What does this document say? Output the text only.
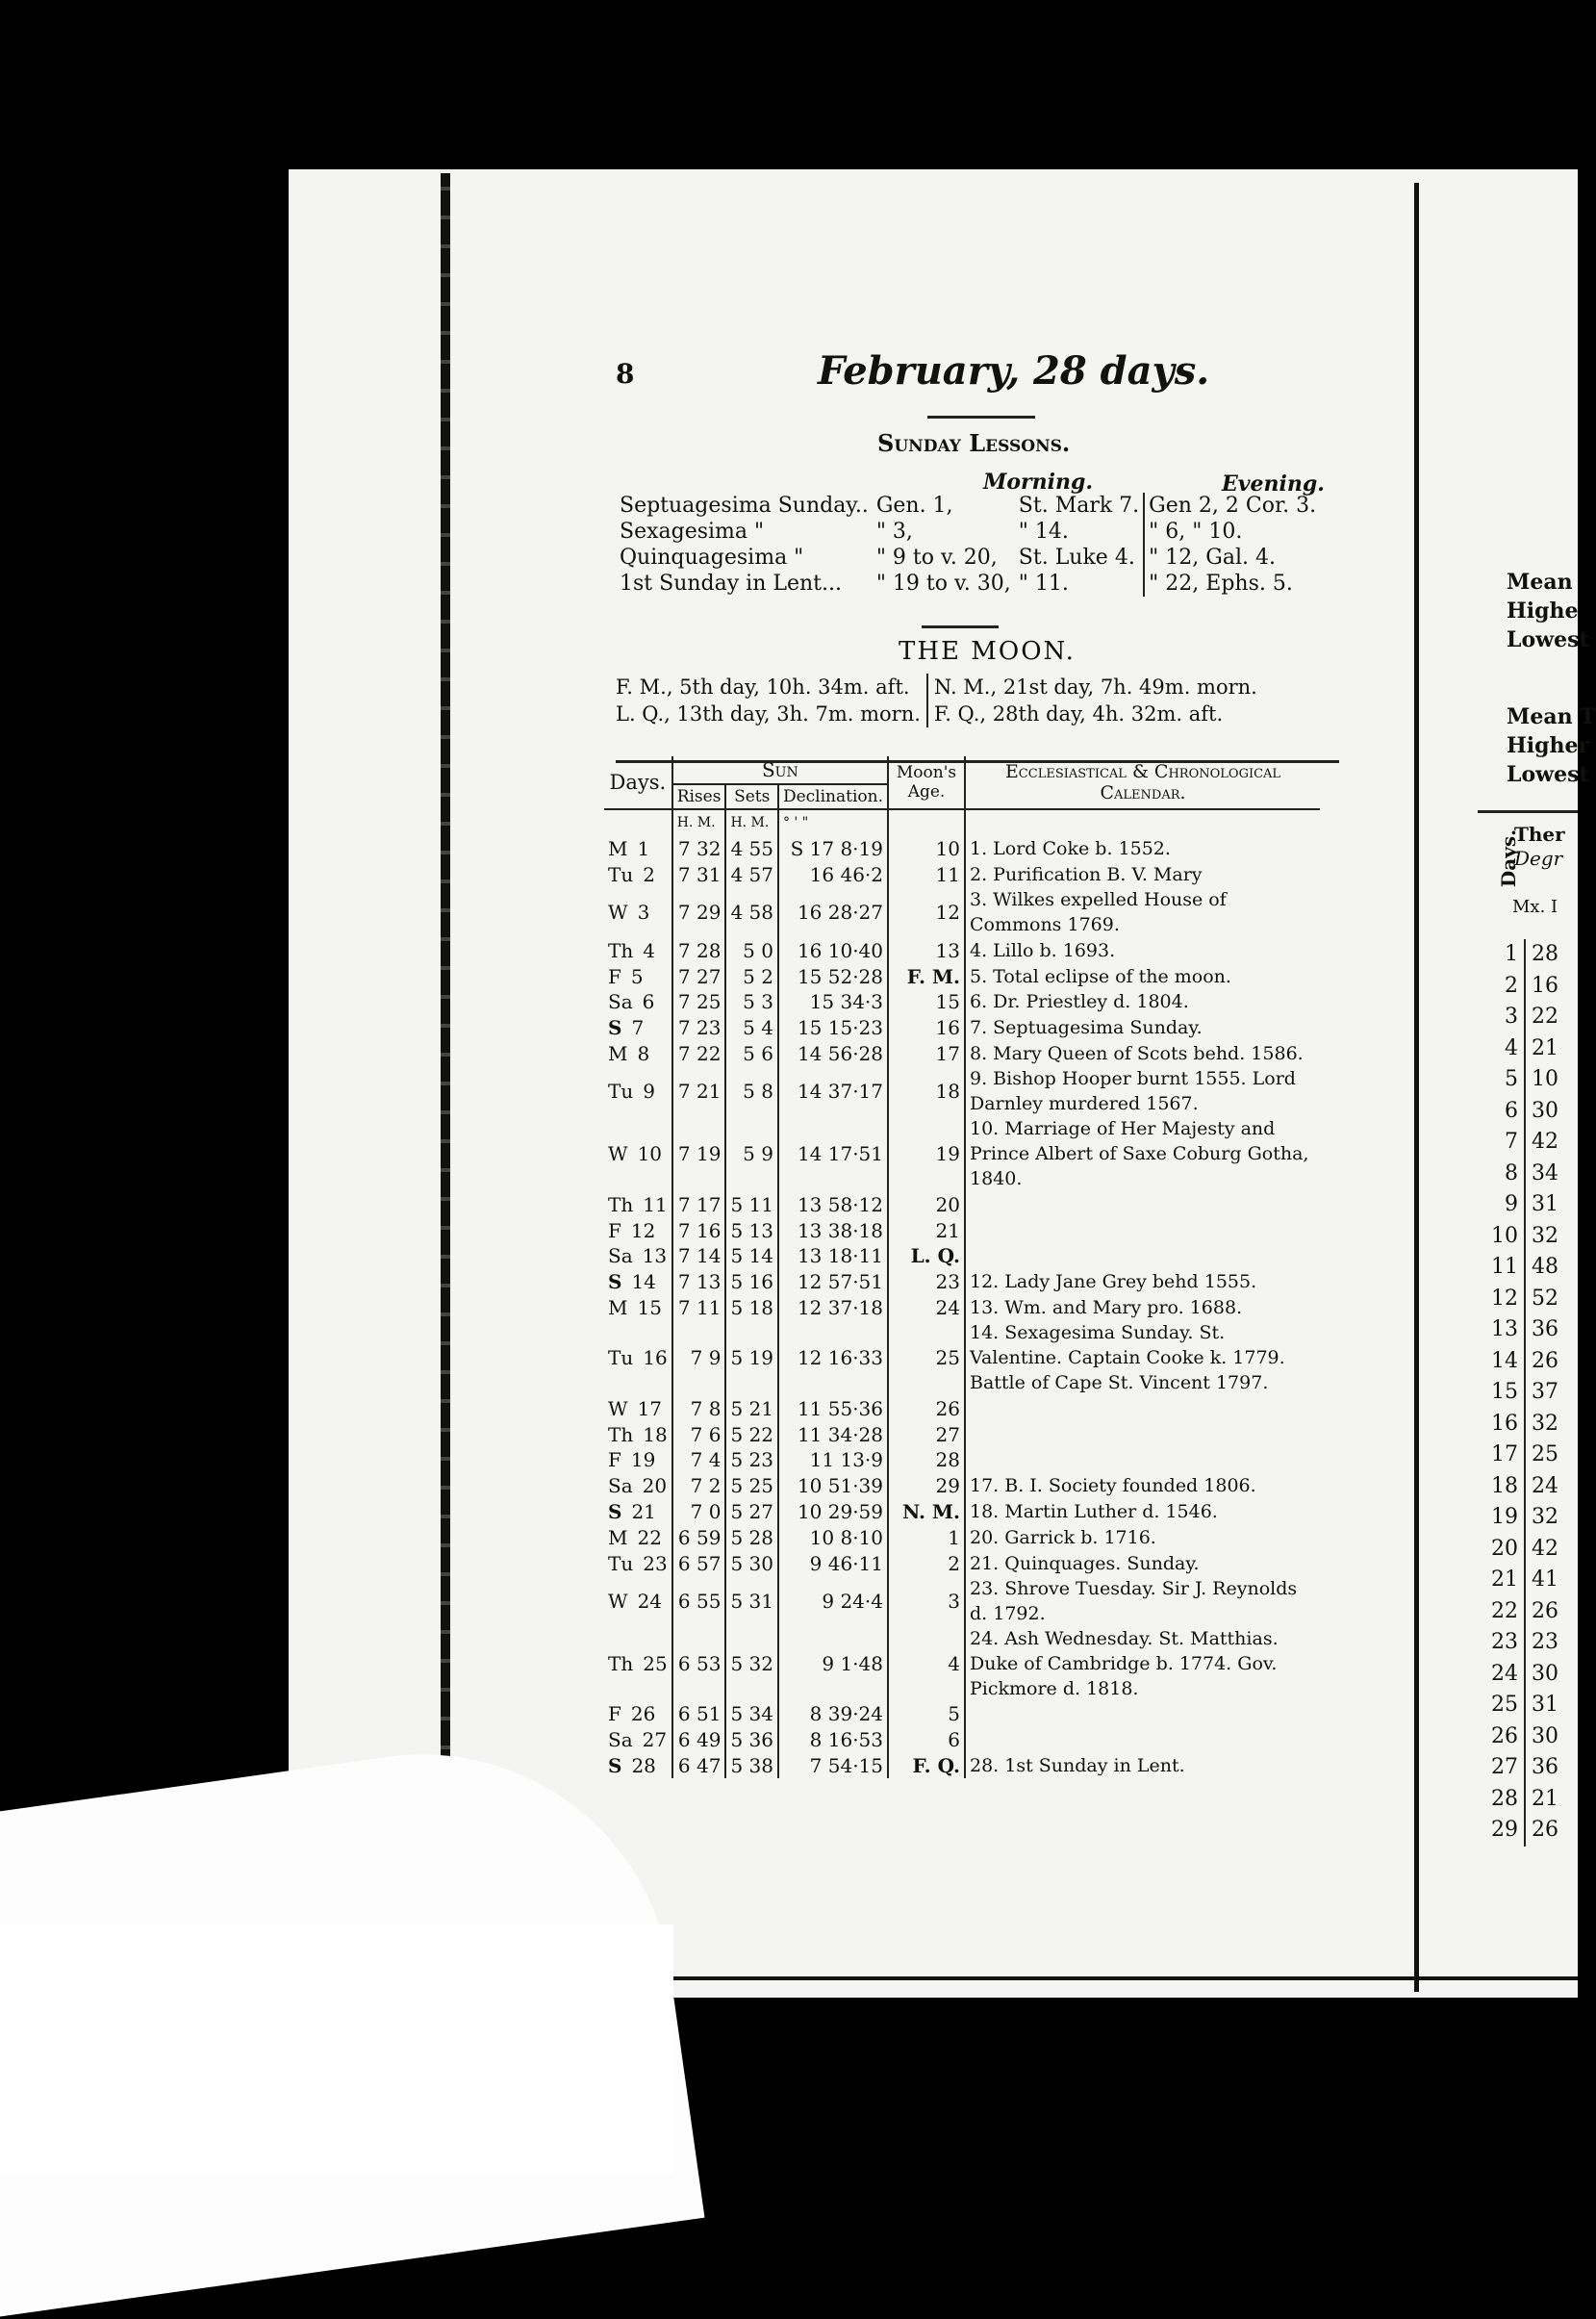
8	February, 28 days.
Sunday Lessons.
Morning.	Evening.
Septuagesima Sunday..	Gen. 1,	St. Mark 7.	Gen 2, 2 Cor. 3.
Sexagesima "	" 3,	" 14.	" 6, " 10.
Quinquagesima "	" 9 to v. 20,	St. Luke 4.	" 12, Gal. 4.
1st Sunday in Lent...	" 19 to v. 30,	" 11.	" 22, Ephs. 5.
THE MOON.
F. M., 5th day, 10h. 34m. aft.	N. M., 21st day, 7h. 49m. morn.
L. Q., 13th day, 3h. 7m. morn.	F. Q., 28th day, 4h. 32m. aft.
Days.	Sun			Moon's Age.	Ecclesiastical & Chronological Calendar.
	Rises	Sets	Declination.		
	H. M.	H. M.	° ' "		
M 1	7 32	4 55	S 17 8·19	10	1. Lord Coke b. 1552.
Tu 2	7 31	4 57	16 46·2	11	2. Purification B. V. Mary
W 3	7 29	4 58	16 28·27	12	3. Wilkes expelled House of Commons 1769.
Th 4	7 28	5 0	16 10·40	13	4. Lillo b. 1693.
F 5	7 27	5 2	15 52·28	F. M.	5. Total eclipse of the moon.
Sa 6	7 25	5 3	15 34·3	15	6. Dr. Priestley d. 1804.
S 7	7 23	5 4	15 15·23	16	7. Septuagesima Sunday.
M 8	7 22	5 6	14 56·28	17	8. Mary Queen of Scots behd. 1586.
Tu 9	7 21	5 8	14 37·17	18	9. Bishop Hooper burnt 1555. Lord Darnley murdered 1567.
W 10	7 19	5 9	14 17·51	19	10. Marriage of Her Majesty and Prince Albert of Saxe Coburg Gotha, 1840.
Th 11	7 17	5 11	13 58·12	20	
F 12	7 16	5 13	13 38·18	21	
Sa 13	7 14	5 14	13 18·11	L. Q.	
S 14	7 13	5 16	12 57·51	23	12. Lady Jane Grey behd 1555.
M 15	7 11	5 18	12 37·18	24	13. Wm. and Mary pro. 1688.
Tu 16	7 9	5 19	12 16·33	25	14. Sexagesima Sunday. St. Valentine. Captain Cooke k. 1779. Battle of Cape St. Vincent 1797.
W 17	7 8	5 21	11 55·36	26	
Th 18	7 6	5 22	11 34·28	27	
F 19	7 4	5 23	11 13·9	28	
Sa 20	7 2	5 25	10 51·39	29	17. B. I. Society founded 1806.
S 21	7 0	5 27	10 29·59	N. M.	18. Martin Luther d. 1546.
M 22	6 59	5 28	10 8·10	1	20. Garrick b. 1716.
Tu 23	6 57	5 30	9 46·11	2	21. Quinquages. Sunday.
W 24	6 55	5 31	9 24·4	3	23. Shrove Tuesday. Sir J. Reynolds d. 1792.
Th 25	6 53	5 32	9 1·48	4	24. Ash Wednesday. St. Matthias. Duke of Cambridge b. 1774. Gov. Pickmore d. 1818.
F 26	6 51	5 34	8 39·24	5	
Sa 27	6 49	5 36	8 16·53	6	
S 28	6 47	5 38	7 54·15	F. Q.	28. 1st Sunday in Lent.
Mean
Highe
Lowest
Mean T
Higher
Lowest
Days.
Ther
Degr
Mx. I
1	28
2	16
3	22
4	21
5	10
6	30
7	42
8	34
9	31
10	32
11	48
12	52
13	36
14	26
15	37
16	32
17	25
18	24
19	32
20	42
21	41
22	26
23	23
24	30
25	31
26	30
27	36
28	21
29	26
